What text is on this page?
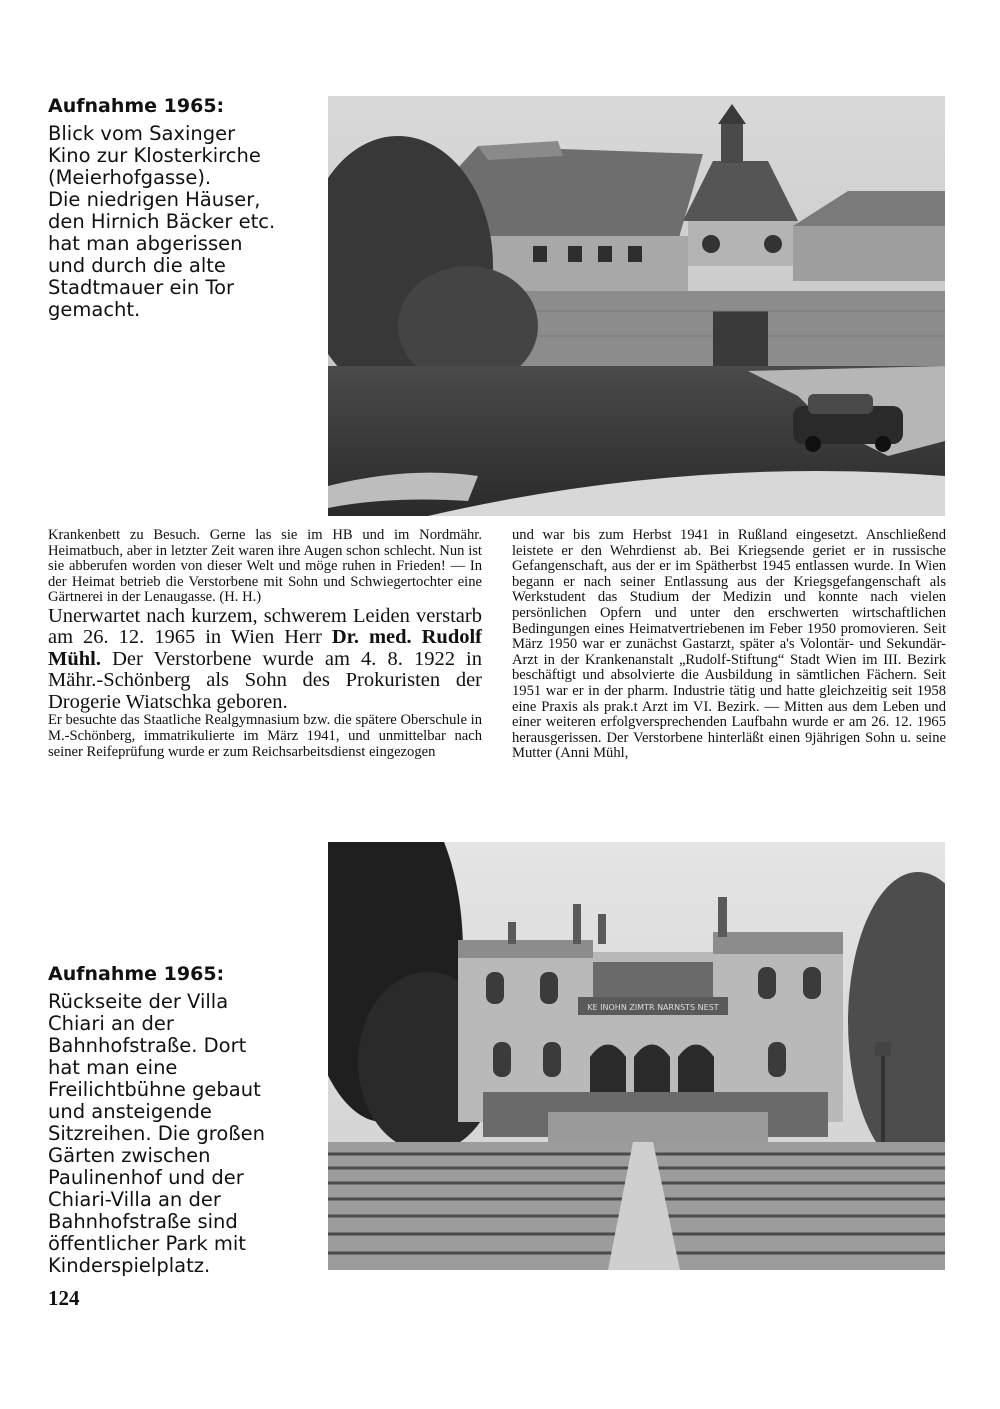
Aufnahme 1965:
Blick vom Saxinger
Kino zur Klosterkirche
(Meierhofgasse).
Die niedrigen Häuser,
den Hirnich Bäcker etc.
hat man abgerissen
und durch die alte
Stadtmauer ein Tor
gemacht.

Krankenbett zu Besuch. Gerne las sie im HB und im Nordmähr. Heimatbuch, aber in letzter Zeit waren ihre Augen schon schlecht. Nun ist sie abberufen worden von dieser Welt und möge ruhen in Frieden! — In der Heimat betrieb die Verstorbene mit Sohn und Schwiegertochter eine Gärtnerei in der Lenaugasse. (H. H.)

Unerwartet nach kurzem, schwerem Leiden verstarb am 26. 12. 1965 in Wien Herr Dr. med. Rudolf Mühl. Der Verstorbene wurde am 4. 8. 1922 in Mähr.-Schönberg als Sohn des Prokuristen der Drogerie Wiatschka geboren.

Er besuchte das Staatliche Realgymnasium bzw. die spätere Oberschule in M.-Schönberg, immatrikulierte im März 1941, und unmittelbar nach seiner Reifeprüfung wurde er zum Reichsarbeitsdienst eingezogen

und war bis zum Herbst 1941 in Rußland eingesetzt. Anschließend leistete er den Wehrdienst ab. Bei Kriegsende geriet er in russische Gefangenschaft, aus der er im Spätherbst 1945 entlassen wurde. In Wien begann er nach seiner Entlassung aus der Kriegsgefangenschaft als Werkstudent das Studium der Medizin und konnte nach vielen persönlichen Opfern und unter den erschwerten wirtschaftlichen Bedingungen eines Heimatvertriebenen im Feber 1950 promovieren. Seit März 1950 war er zunächst Gastarzt, später a's Volontär- und Sekundär-Arzt in der Krankenanstalt „Rudolf-Stiftung“ Stadt Wien im III. Bezirk beschäftigt und absolvierte die Ausbildung in sämtlichen Fächern. Seit 1951 war er in der pharm. Industrie tätig und hatte gleichzeitig seit 1958 eine Praxis als prak.t Arzt im VI. Bezirk. — Mitten aus dem Leben und einer weiteren erfolgversprechenden Laufbahn wurde er am 26. 12. 1965 herausgerissen. Der Verstorbene hinterläßt einen 9jährigen Sohn u. seine Mutter (Anni Mühl,

KE INOHN ZIMTR NARNSTS NEST
Aufnahme 1965:
Rückseite der Villa
Chiari an der
Bahnhofstraße. Dort
hat man eine
Freilichtbühne gebaut
und ansteigende
Sitzreihen. Die großen
Gärten zwischen
Paulinenhof und der
Chiari-Villa an der
Bahnhofstraße sind
öffentlicher Park mit
Kinderspielplatz.
124
